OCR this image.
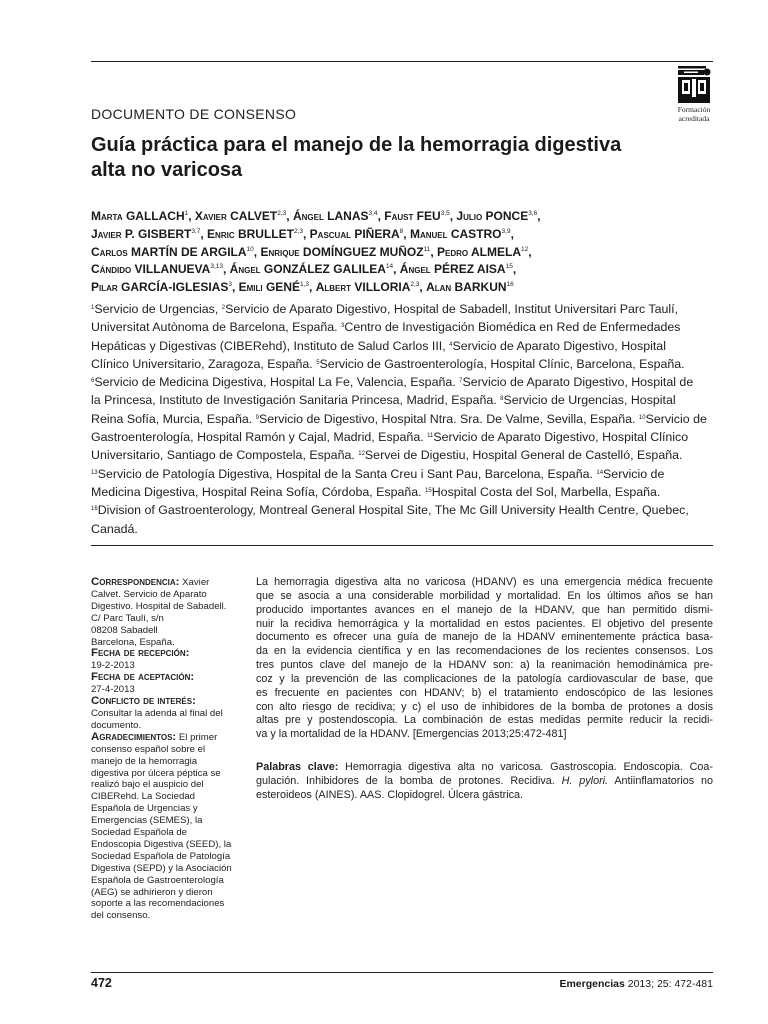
Formación
acreditada
DOCUMENTO DE CONSENSO
Guía práctica para el manejo de la hemorragia digestiva
alta no varicosa
Marta GALLACH$^1$, Xavier CALVET$^{2,3}$, Ángel LANAS$^{3,4}$, Faust FEU$^{3,5}$, Julio PONCE$^{3,6}$,
Javier P. GISBERT$^{3,7}$, Enric BRULLET$^{2,3}$, Pascual PIÑERA$^8$, Manuel CASTRO$^{3,9}$,
Carlos MARTÍN DE ARGILA$^{10}$, Enrique DOMÍNGUEZ MUÑOZ$^{11}$, Pedro ALMELA$^{12}$,
Cándido VILLANUEVA$^{3,13}$, Ángel GONZÁLEZ GALILEA$^{14}$, Ángel PÉREZ AISA$^{15}$,
Pilar GARCÍA-IGLESIAS$^3$, Emili GENÉ$^{1,3}$, Albert VILLORIA$^{2,3}$, Alan BARKUN$^{16}$
$^1$Servicio de Urgencias, $^2$Servicio de Aparato Digestivo, Hospital de Sabadell, Institut Universitari Parc Taulí,
Universitat Autònoma de Barcelona, España. $^3$Centro de Investigación Biomédica en Red de Enfermedades
Hepáticas y Digestivas (CIBERehd), Instituto de Salud Carlos III, $^4$Servicio de Aparato Digestivo, Hospital
Clínico Universitario, Zaragoza, España. $^5$Servicio de Gastroenterología, Hospital Clínic, Barcelona, España.
$^6$Servicio de Medicina Digestiva, Hospital La Fe, Valencia, España. $^7$Servicio de Aparato Digestivo, Hospital de
la Princesa, Instituto de Investigación Sanitaria Princesa, Madrid, España. $^8$Servicio de Urgencias, Hospital
Reina Sofía, Murcia, España. $^9$Servicio de Digestivo, Hospital Ntra. Sra. De Valme, Sevilla, España. $^{10}$Servicio de
Gastroenterología, Hospital Ramón y Cajal, Madrid, España. $^{11}$Servicio de Aparato Digestivo, Hospital Clínico
Universitario, Santiago de Compostela, España. $^{12}$Servei de Digestiu, Hospital General de Castelló, España.
$^{13}$Servicio de Patología Digestiva, Hospital de la Santa Creu i Sant Pau, Barcelona, España. $^{14}$Servicio de
Medicina Digestiva, Hospital Reina Sofía, Córdoba, España. $^{15}$Hospital Costa del Sol, Marbella, España.
$^{16}$Division of Gastroenterology, Montreal General Hospital Site, The Mc Gill University Health Centre, Quebec,
Canadá.
Correspondencia: Xavier
Calvet. Servicio de Aparato
Digestivo. Hospital de Sabadell.
C/ Parc Taulí, s/n
08208 Sabadell
Barcelona, España.
Fecha de recepción:
19-2-2013
Fecha de aceptación:
27-4-2013
Conflicto de interés:
Consultar la adenda al final del
documento.
Agradecimientos: El primer
consenso español sobre el
manejo de la hemorragia
digestiva por úlcera péptica se
realizó bajo el auspicio del
CIBERehd. La Sociedad
Española de Urgencias y
Emergencias (SEMES), la
Sociedad Española de
Endoscopia Digestiva (SEED), la
Sociedad Española de Patología
Digestiva (SEPD) y la Asociación
Española de Gastroenterología
(AEG) se adhirieron y dieron
soporte a las recomendaciones
del consenso.
La hemorragia digestiva alta no varicosa (HDANV) es una emergencia médica frecuente
que se asocia a una considerable morbilidad y mortalidad. En los últimos años se han
producido importantes avances en el manejo de la HDANV, que han permitido dismi-
nuir la recidiva hemorrágica y la mortalidad en estos pacientes. El objetivo del presente
documento es ofrecer una guía de manejo de la HDANV eminentemente práctica basa-
da en la evidencia científica y en las recomendaciones de los recientes consensos. Los
tres puntos clave del manejo de la HDANV son: a) la reanimación hemodinámica pre-
coz y la prevención de las complicaciones de la patología cardiovascular de base, que
es frecuente en pacientes con HDANV; b) el tratamiento endoscópico de las lesiones
con alto riesgo de recidiva; y c) el uso de inhibidores de la bomba de protones a dosis
altas pre y postendoscopia. La combinación de estas medidas permite reducir la recidi-
va y la mortalidad de la HDANV. [Emergencias 2013;25:472-481]
Palabras clave: Hemorragia digestiva alta no varicosa. Gastroscopia. Endoscopia. Coa-
gulación. Inhibidores de la bomba de protones. Recidiva. H. pylori. Antiinflamatorios no
esteroideos (AINES). AAS. Clopidogrel. Úlcera gástrica.
472	Emergencias 2013; 25: 472-481
